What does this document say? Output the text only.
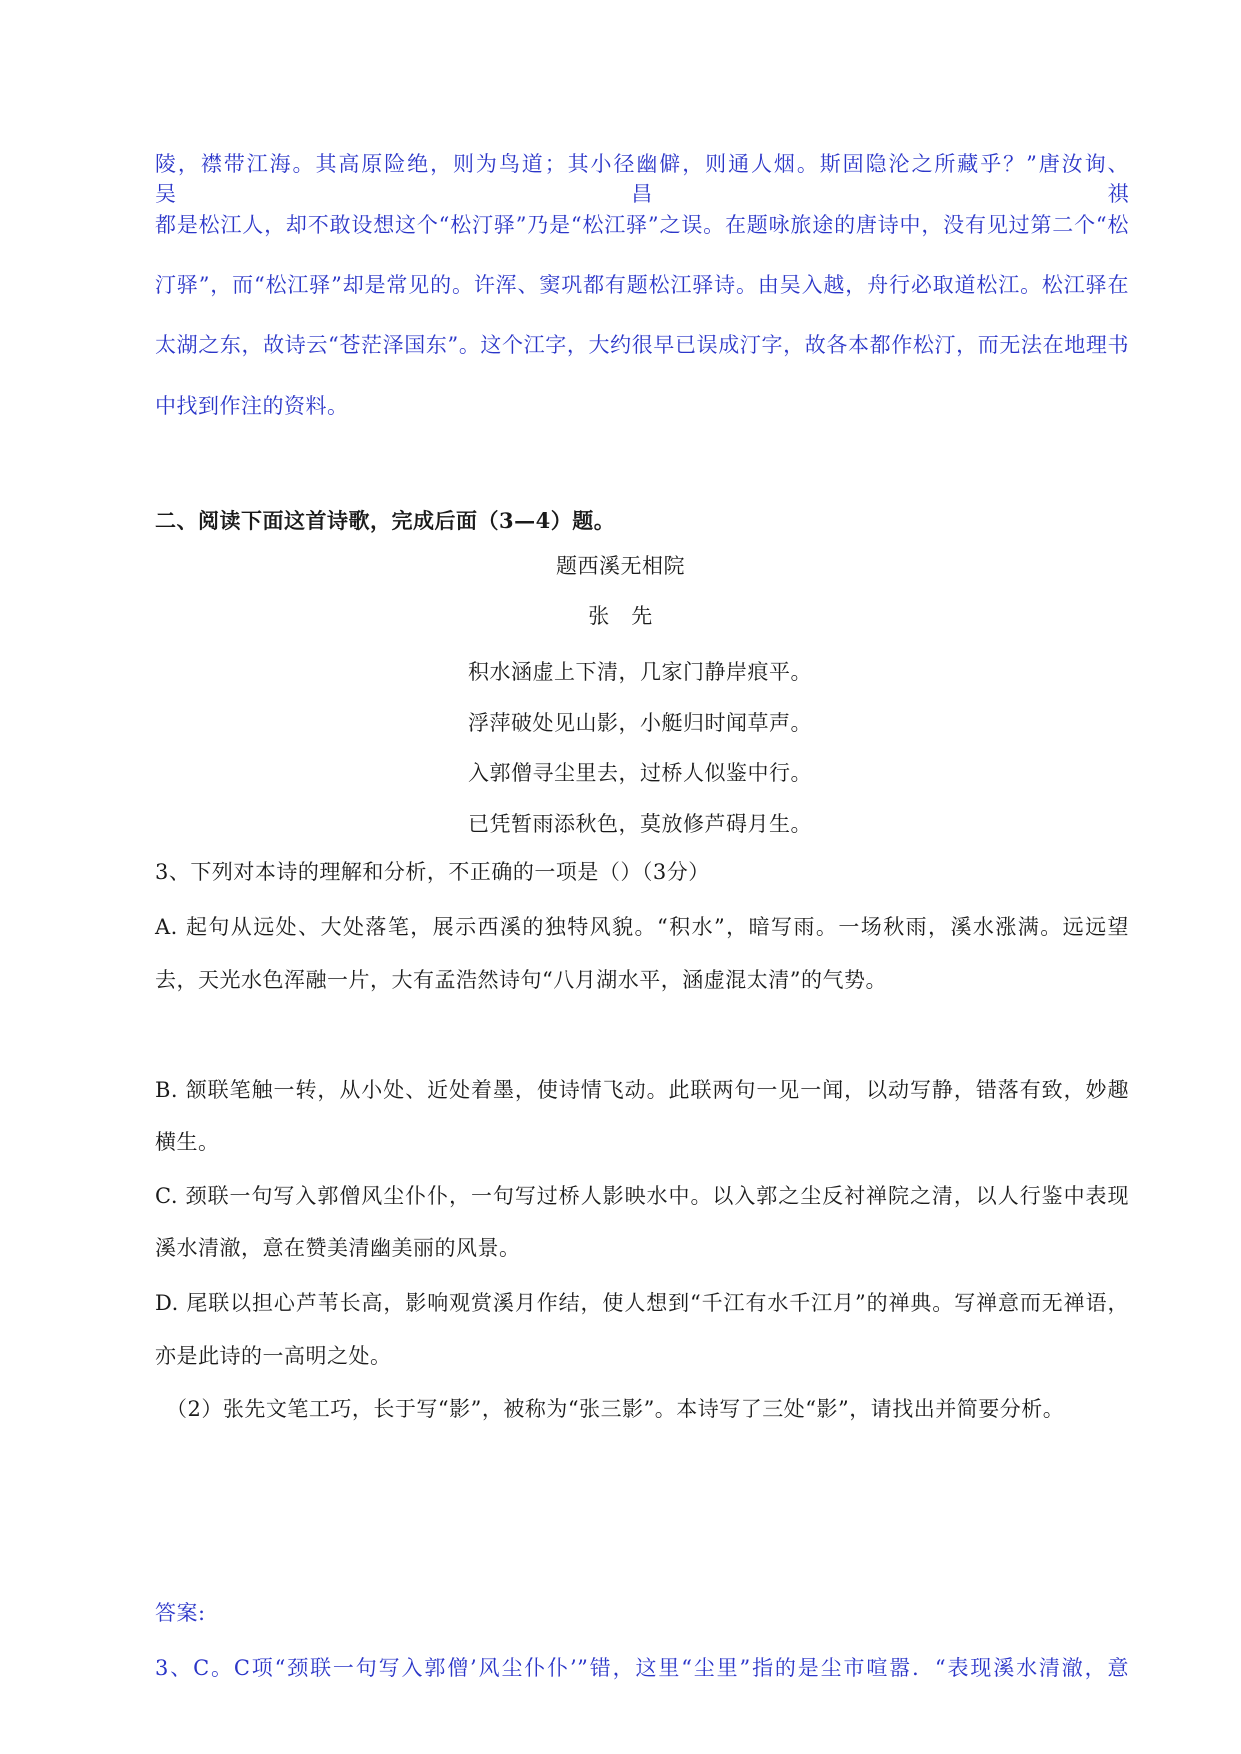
陵，襟带江海。其高原险绝，则为鸟道；其小径幽僻，则通人烟。斯固隐沦之所藏乎？”唐汝询、吴昌祺
都是松江人，却不敢设想这个“松汀驿”乃是“松江驿”之误。在题咏旅途的唐诗中，没有见过第二个“松
汀驿”，而“松江驿”却是常见的。许浑、窦巩都有题松江驿诗。由吴入越，舟行必取道松江。松江驿在
太湖之东，故诗云“苍茫泽国东”。这个江字，大约很早已误成汀字，故各本都作松汀，而无法在地理书
中找到作注的资料。
二、阅读下面这首诗歌，完成后面（3—4）题。
题西溪无相院
张　先
积水涵虚上下清，几家门静岸痕平。
浮萍破处见山影，小艇归时闻草声。
入郭僧寻尘里去，过桥人似鉴中行。
已凭暂雨添秋色，莫放修芦碍月生。
3、下列对本诗的理解和分析，不正确的一项是（）（3分）
A. 起句从远处、大处落笔，展示西溪的独特风貌。“积水”，暗写雨。一场秋雨，溪水涨满。远远望
去，天光水色浑融一片，大有孟浩然诗句“八月湖水平，涵虚混太清”的气势。
B. 颔联笔触一转，从小处、近处着墨，使诗情飞动。此联两句一见一闻，以动写静，错落有致，妙趣
横生。
C. 颈联一句写入郭僧风尘仆仆，一句写过桥人影映水中。以入郭之尘反衬禅院之清，以人行鉴中表现
溪水清澈，意在赞美清幽美丽的风景。
D. 尾联以担心芦苇长高，影响观赏溪月作结，使人想到“千江有水千江月”的禅典。写禅意而无禅语，
亦是此诗的一高明之处。
（2）张先文笔工巧，长于写“影”，被称为“张三影”。本诗写了三处“影”，请找出并简要分析。
答案:
3、C。C项“颈联一句写入郭僧’风尘仆仆’”错，这里“尘里”指的是尘市喧嚣．“表现溪水清澈，意
